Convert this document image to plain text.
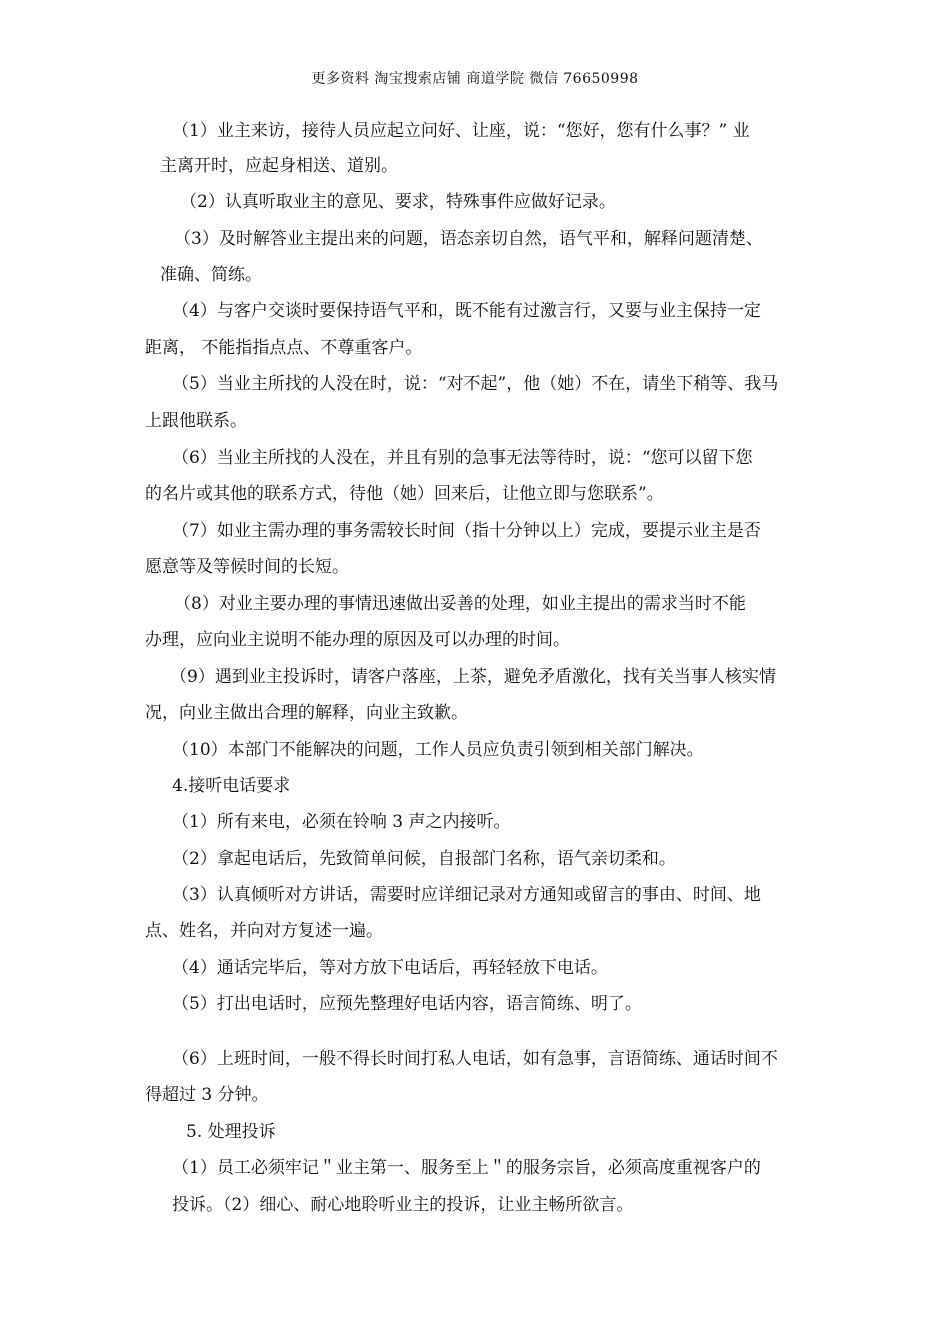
更多资料 淘宝搜索店铺 商道学院 微信 76650998
（1）业主来访，接待人员应起立问好、让座，说：“您好，您有什么事？” 业
主离开时，应起身相送、道别。
（2）认真听取业主的意见、要求，特殊事件应做好记录。
（3）及时解答业主提出来的问题，语态亲切自然，语气平和，解释问题清楚、
准确、简练。
（4）与客户交谈时要保持语气平和，既不能有过激言行，又要与业主保持一定
距离， 不能指指点点、不尊重客户。
（5）当业主所找的人没在时，说：“对不起”，他（她）不在，请坐下稍等、我马
上跟他联系。
（6）当业主所找的人没在，并且有别的急事无法等待时，说：“您可以留下您
的名片或其他的联系方式，待他（她）回来后，让他立即与您联系”。
（7）如业主需办理的事务需较长时间（指十分钟以上）完成，要提示业主是否
愿意等及等候时间的长短。
（8）对业主要办理的事情迅速做出妥善的处理，如业主提出的需求当时不能
办理，应向业主说明不能办理的原因及可以办理的时间。
（9）遇到业主投诉时，请客户落座，上茶，避免矛盾激化，找有关当事人核实情
况，向业主做出合理的解释，向业主致歉。
（10）本部门不能解决的问题，工作人员应负责引领到相关部门解决。
4.接听电话要求
（1）所有来电，必须在铃响 3 声之内接听。
（2）拿起电话后，先致简单问候，自报部门名称，语气亲切柔和。
（3）认真倾听对方讲话，需要时应详细记录对方通知或留言的事由、时间、地
点、姓名，并向对方复述一遍。
（4）通话完毕后，等对方放下电话后，再轻轻放下电话。
（5）打出电话时，应预先整理好电话内容，语言简练、明了。
（6）上班时间，一般不得长时间打私人电话，如有急事，言语简练、通话时间不
得超过 3 分钟。
5. 处理投诉
（1）员工必须牢记＂业主第一、服务至上＂的服务宗旨，必须高度重视客户的
投诉。（2）细心、耐心地聆听业主的投诉，让业主畅所欲言。
